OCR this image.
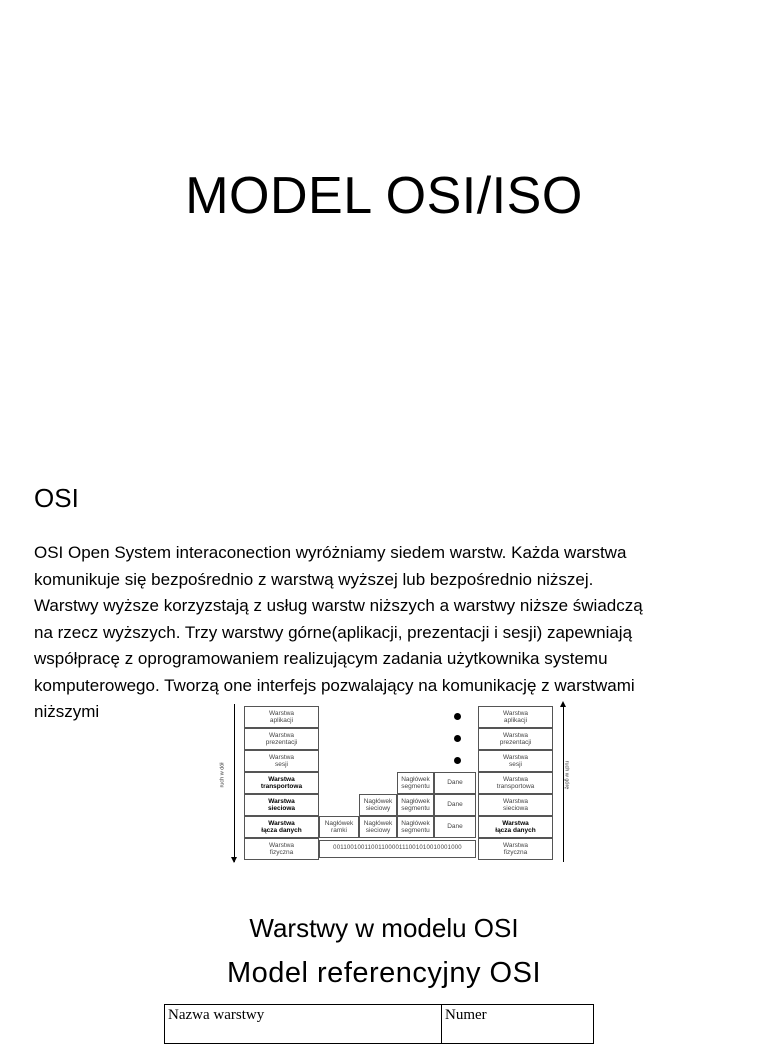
MODEL OSI/ISO
OSI
OSI Open System interaconection wyróżniamy siedem warstw. Każda warstwa
komunikuje się bezpośrednio z warstwą wyższej lub bezpośrednio niższej.
Warstwy wyższe korzyzstają z usług warstw niższych a warstwy niższe świadczą
na rzecz wyższych. Trzy warstwy górne(aplikacji, prezentacji i sesji) zapewniają
współpracę z oprogramowaniem realizującym zadania użytkownika systemu
komputerowego. Tworzą one interfejs pozwalający na komunikację z warstwami
niższymi
ruch w dół
Warstwa
aplikacji
Warstwa
prezentacji
Warstwa
sesji
Warstwa
transportowa
Warstwa
sieciowa
Warstwa
łącza danych
Warstwa
fizyczna
Nagłówek
segmentu
Dane
Nagłówek
sieciowy
Nagłówek
segmentu
Dane
Nagłówek
ramki
Nagłówek
sieciowy
Nagłówek
segmentu
Dane
0011001001100110000111001010010001000
Warstwa
aplikacji
Warstwa
prezentacji
Warstwa
sesji
Warstwa
transportowa
Warstwa
sieciowa
Warstwa
łącza danych
Warstwa
fizyczna
ruch w górę
Warstwy w modelu OSI
Model referencyjny OSI
Nazwa warstwy	Numer
